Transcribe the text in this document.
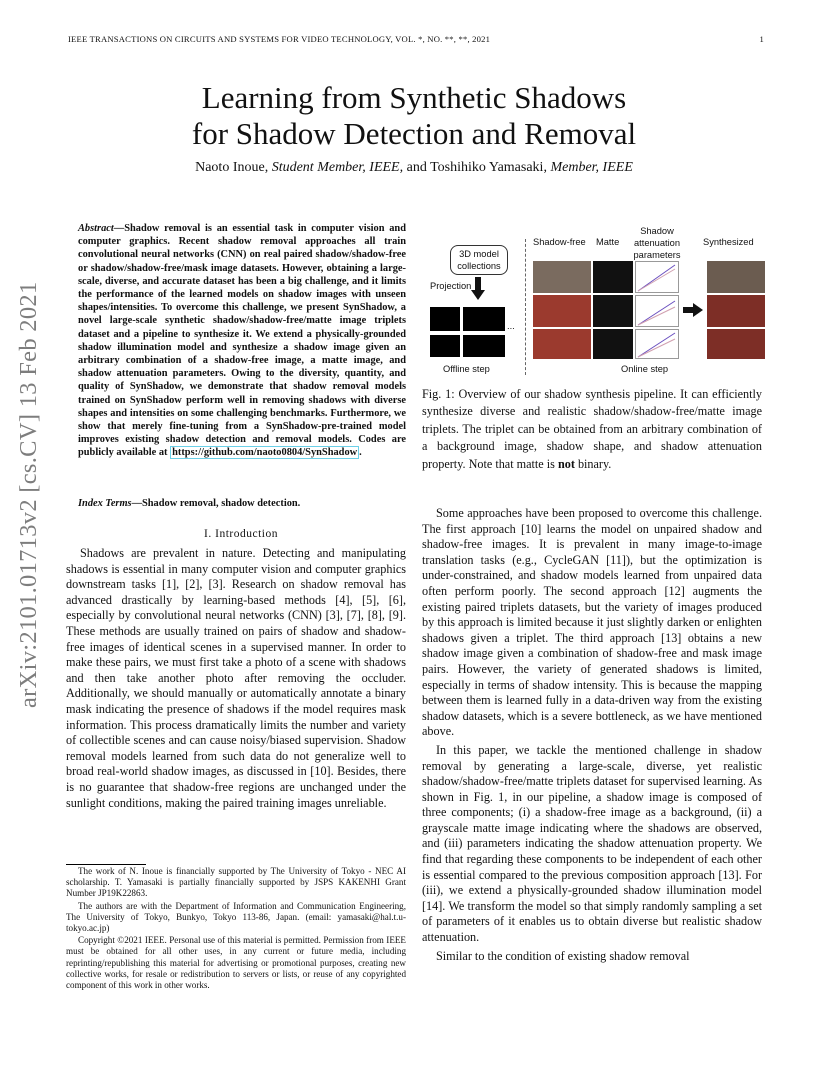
IEEE TRANSACTIONS ON CIRCUITS AND SYSTEMS FOR VIDEO TECHNOLOGY, VOL. *, NO. **, **, 2021	1
arXiv:2101.01713v2 [cs.CV] 13 Feb 2021
Learning from Synthetic Shadows
for Shadow Detection and Removal
Naoto Inoue, Student Member, IEEE, and Toshihiko Yamasaki, Member, IEEE
Abstract—Shadow removal is an essential task in computer vision and computer graphics. Recent shadow removal approaches all train convolutional neural networks (CNN) on real paired shadow/shadow-free or shadow/shadow-free/mask image datasets. However, obtaining a large-scale, diverse, and accurate dataset has been a big challenge, and it limits the performance of the learned models on shadow images with unseen shapes/intensities. To overcome this challenge, we present SynShadow, a novel large-scale synthetic shadow/shadow-free/matte image triplets dataset and a pipeline to synthesize it. We extend a physically-grounded shadow illumination model and synthesize a shadow image given an arbitrary combination of a shadow-free image, a matte image, and shadow attenuation parameters. Owing to the diversity, quantity, and quality of SynShadow, we demonstrate that shadow removal models trained on SynShadow perform well in removing shadows with diverse shapes and intensities on some challenging benchmarks. Furthermore, we show that merely fine-tuning from a SynShadow-pre-trained model improves existing shadow detection and removal models. Codes are publicly available at https://github.com/naoto0804/SynShadow .
Index Terms—Shadow removal, shadow detection.
I. Introduction

Shadows are prevalent in nature. Detecting and manipulating shadows is essential in many computer vision and computer graphics downstream tasks [1], [2], [3]. Research on shadow removal has advanced drastically by learning-based methods [4], [5], [6], especially by convolutional neural networks (CNN) [3], [7], [8], [9]. These methods are usually trained on pairs of shadow and shadow-free images of identical scenes in a supervised manner. In order to make these pairs, we must first take a photo of a scene with shadows and then take another photo after removing the occluder. Additionally, we should manually or automatically annotate a binary mask indicating the presence of shadows if the model requires mask information. This process dramatically limits the number and variety of collectible scenes and can cause noisy/biased supervision. Shadow removal models learned from such data do not generalize well to broad real-world shadow images, as discussed in [10]. Besides, there is no guarantee that shadow-free regions are unchanged under the sunlight conditions, making the paired training images unreliable.

The work of N. Inoue is financially supported by The University of Tokyo - NEC AI scholarship. T. Yamasaki is partially financially supported by JSPS KAKENHI Grant Number JP19K22863.

The authors are with the Department of Information and Communication Engineering, The University of Tokyo, Bunkyo, Tokyo 113-86, Japan. (email: yamasaki@hal.t.u-tokyo.ac.jp)

Copyright ©2021 IEEE. Personal use of this material is permitted. Permission from IEEE must be obtained for all other uses, in any current or future media, including reprinting/republishing this material for advertising or promotional purposes, creating new collective works, for resale or redistribution to servers or lists, or reuse of any copyrighted component of this work in other works.

3D model collections
Projection
...
Offline step
Shadow-free Matte
Shadow attenuation parameters
Synthesized
Online step
Fig. 1: Overview of our shadow synthesis pipeline. It can efficiently synthesize diverse and realistic shadow/shadow-free/matte image triplets. The triplet can be obtained from an arbitrary combination of a background image, shadow shape, and shadow attenuation property. Note that matte is not binary.

Some approaches have been proposed to overcome this challenge. The first approach [10] learns the model on unpaired shadow and shadow-free images. It is prevalent in many image-to-image translation tasks (e.g., CycleGAN [11]), but the optimization is under-constrained, and shadow models learned from unpaired data often perform poorly. The second approach [12] augments the existing paired triplets datasets, but the variety of images produced by this approach is limited because it just slightly darken or enlighten shadows given a triplet. The third approach [13] obtains a new shadow image given a combination of shadow-free and mask image pairs. However, the variety of generated shadows is limited, especially in terms of shadow intensity. This is because the mapping between them is learned fully in a data-driven way from the existing shadow datasets, which is a severe bottleneck, as we have mentioned above.

In this paper, we tackle the mentioned challenge in shadow removal by generating a large-scale, diverse, yet realistic shadow/shadow-free/matte triplets dataset for supervised learning. As shown in Fig. 1, in our pipeline, a shadow image is composed of three components; (i) a shadow-free image as a background, (ii) a grayscale matte image indicating where the shadows are observed, and (iii) parameters indicating the shadow attenuation property. We find that regarding these components to be independent of each other is essential compared to the previous composition approach [13]. For (iii), we extend a physically-grounded shadow illumination model [14]. We transform the model so that simply randomly sampling a set of parameters of it enables us to obtain diverse but realistic shadow attenuation.

Similar to the condition of existing shadow removal
